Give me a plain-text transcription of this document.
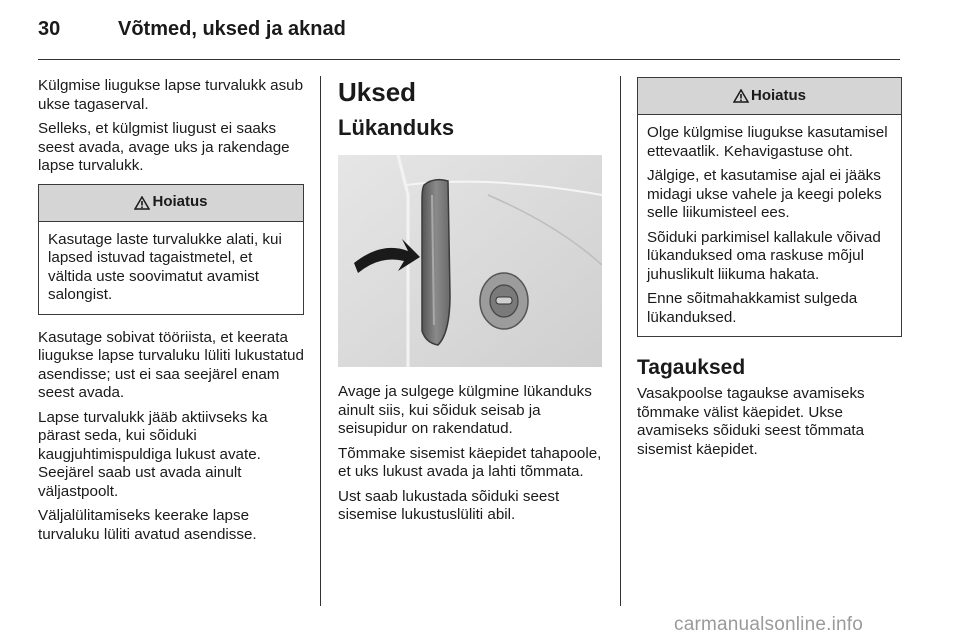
30	Võtmed, uksed ja aknad

Külgmise liugukse lapse turvalukk asub ukse tagaserval.

Selleks, et külgmist liugust ei saaks seest avada, avage uks ja rakendage lapse turvalukk.

Hoiatus

Kasutage laste turvalukke alati, kui lapsed istuvad tagaistmetel, et vältida uste soovimatut avamist salongist.

Kasutage sobivat tööriista, et keerata liugukse lapse turvaluku lüliti lukustatud asendisse; ust ei saa seejärel enam seest avada.

Lapse turvalukk jääb aktiivseks ka pärast seda, kui sõiduki kaugjuhtimispuldiga lukust avate. Seejärel saab ust avada ainult väljastpoolt.

Väljalülitamiseks keerake lapse turvaluku lüliti avatud asendisse.

Uksed
Lükanduks

Avage ja sulgege külgmine lükanduks ainult siis, kui sõiduk seisab ja seisupidur on rakendatud.

Tõmmake sisemist käepidet tahapoole, et uks lukust avada ja lahti tõmmata.

Ust saab lukustada sõiduki seest sisemise lukustuslüliti abil.

Hoiatus

Olge külgmise liugukse kasutamisel ettevaatlik. Kehavigastuse oht.

Jälgige, et kasutamise ajal ei jääks midagi ukse vahele ja keegi poleks selle liikumisteel ees.

Sõiduki parkimisel kallakule võivad lükanduksed oma raskuse mõjul juhuslikult liikuma hakata.

Enne sõitmahakkamist sulgeda lükanduksed.

Tagauksed

Vasakpoolse tagaukse avamiseks tõmmake välist käepidet. Ukse avamiseks sõiduki seest tõmmata sisemist käepidet.

carmanualsonline.info
